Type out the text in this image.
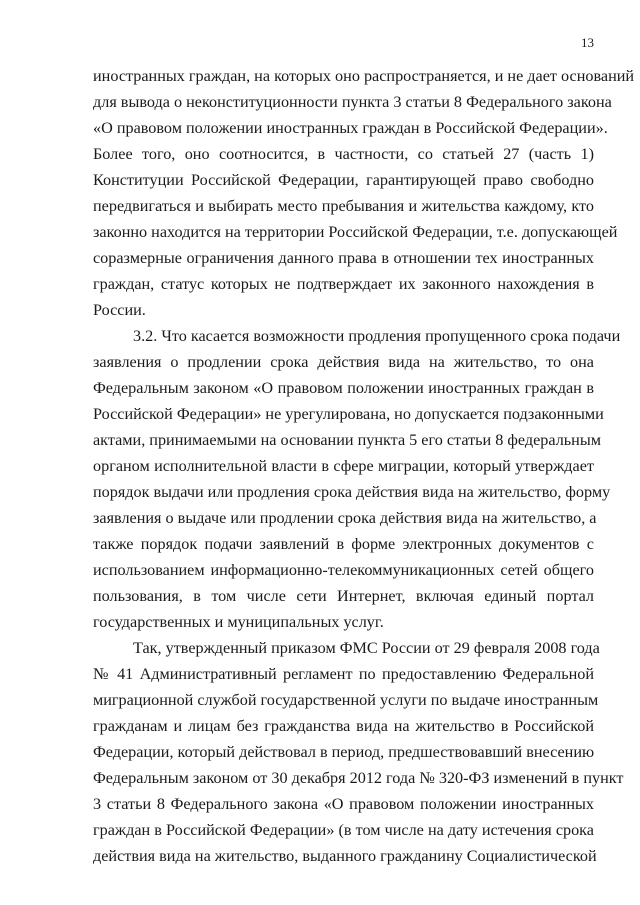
13
иностранных граждан, на которых оно распространяется, и не дает оснований
для вывода о неконституционности пункта 3 статьи 8 Федерального закона
«О правовом положении иностранных граждан в Российской Федерации».
Более того, оно соотносится, в частности, со статьей 27 (часть 1)
Конституции Российской Федерации, гарантирующей право свободно
передвигаться и выбирать место пребывания и жительства каждому, кто
законно находится на территории Российской Федерации, т.е. допускающей
соразмерные ограничения данного права в отношении тех иностранных
граждан, статус которых не подтверждает их законного нахождения в
России.
3.2. Что касается возможности продления пропущенного срока подачи
заявления о продлении срока действия вида на жительство, то она
Федеральным законом «О правовом положении иностранных граждан в
Российской Федерации» не урегулирована, но допускается подзаконными
актами, принимаемыми на основании пункта 5 его статьи 8 федеральным
органом исполнительной власти в сфере миграции, который утверждает
порядок выдачи или продления срока действия вида на жительство, форму
заявления о выдаче или продлении срока действия вида на жительство, а
также порядок подачи заявлений в форме электронных документов с
использованием информационно-телекоммуникационных сетей общего
пользования, в том числе сети Интернет, включая единый портал
государственных и муниципальных услуг.
Так, утвержденный приказом ФМС России от 29 февраля 2008 года
№ 41 Административный регламент по предоставлению Федеральной
миграционной службой государственной услуги по выдаче иностранным
гражданам и лицам без гражданства вида на жительство в Российской
Федерации, который действовал в период, предшествовавший внесению
Федеральным законом от 30 декабря 2012 года № 320-ФЗ изменений в пункт
3 статьи 8 Федерального закона «О правовом положении иностранных
граждан в Российской Федерации» (в том числе на дату истечения срока
действия вида на жительство, выданного гражданину Социалистической
